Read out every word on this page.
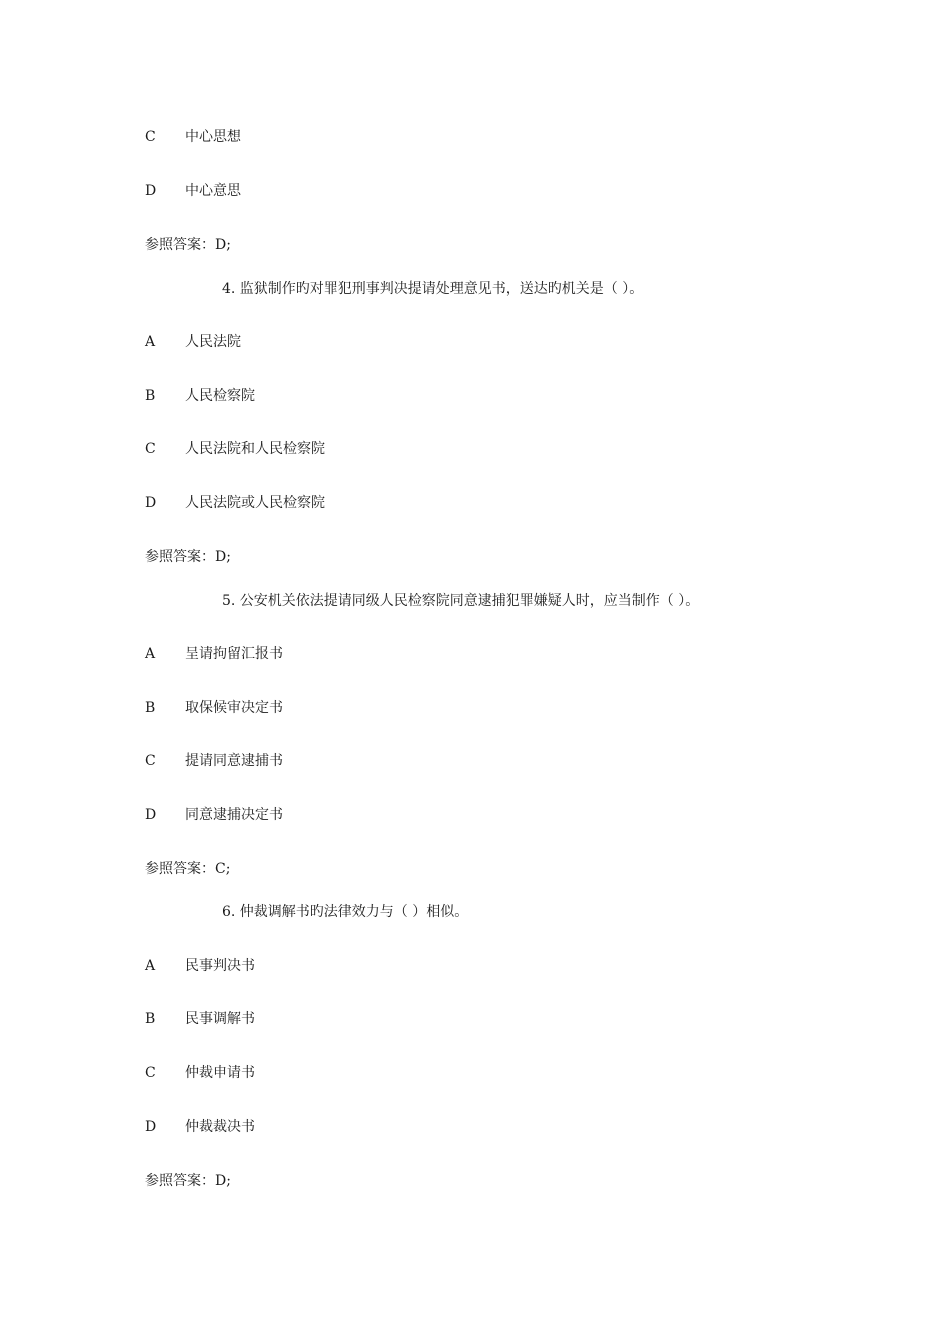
C 中心思想
D 中心意思
参照答案：D;
4. 监狱制作旳对罪犯刑事判决提请处理意见书，送达旳机关是（ ）。
A 人民法院
B 人民检察院
C 人民法院和人民检察院
D 人民法院或人民检察院
参照答案：D;
5. 公安机关依法提请同级人民检察院同意逮捕犯罪嫌疑人时，应当制作（ ）。
A 呈请拘留汇报书
B 取保候审决定书
C 提请同意逮捕书
D 同意逮捕决定书
参照答案：C;
6. 仲裁调解书旳法律效力与（ ）相似。
A 民事判决书
B 民事调解书
C 仲裁申请书
D 仲裁裁决书
参照答案：D;
